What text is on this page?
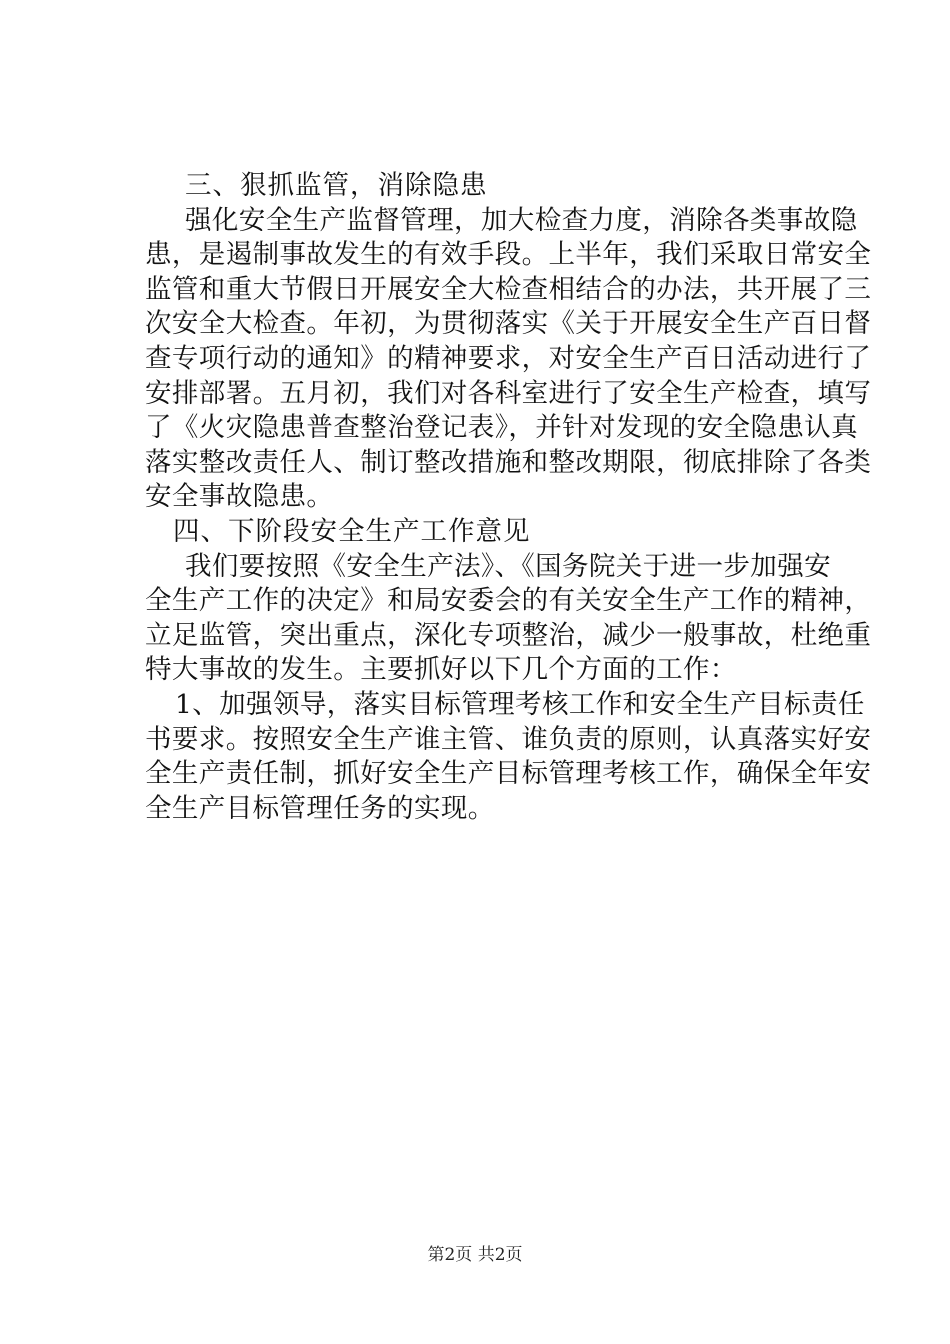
三、狠抓监管，消除隐患
强化安全生产监督管理，加大检查力度，消除各类事故隐
患，是遏制事故发生的有效手段。上半年，我们采取日常安全
监管和重大节假日开展安全大检查相结合的办法，共开展了三
次安全大检查。年初，为贯彻落实《关于开展安全生产百日督
查专项行动的通知》的精神要求，对安全生产百日活动进行了
安排部署。五月初，我们对各科室进行了安全生产检查，填写
了《火灾隐患普查整治登记表》，并针对发现的安全隐患认真
落实整改责任人、制订整改措施和整改期限，彻底排除了各类
安全事故隐患。
四、下阶段安全生产工作意见
我们要按照《安全生产法》、《国务院关于进一步加强安
全生产工作的决定》和局安委会的有关安全生产工作的精神，
立足监管，突出重点，深化专项整治，减少一般事故，杜绝重
特大事故的发生。主要抓好以下几个方面的工作：
1、加强领导，落实目标管理考核工作和安全生产目标责任
书要求。按照安全生产谁主管、谁负责的原则，认真落实好安
全生产责任制，抓好安全生产目标管理考核工作，确保全年安
全生产目标管理任务的实现。
第2页 共2页
